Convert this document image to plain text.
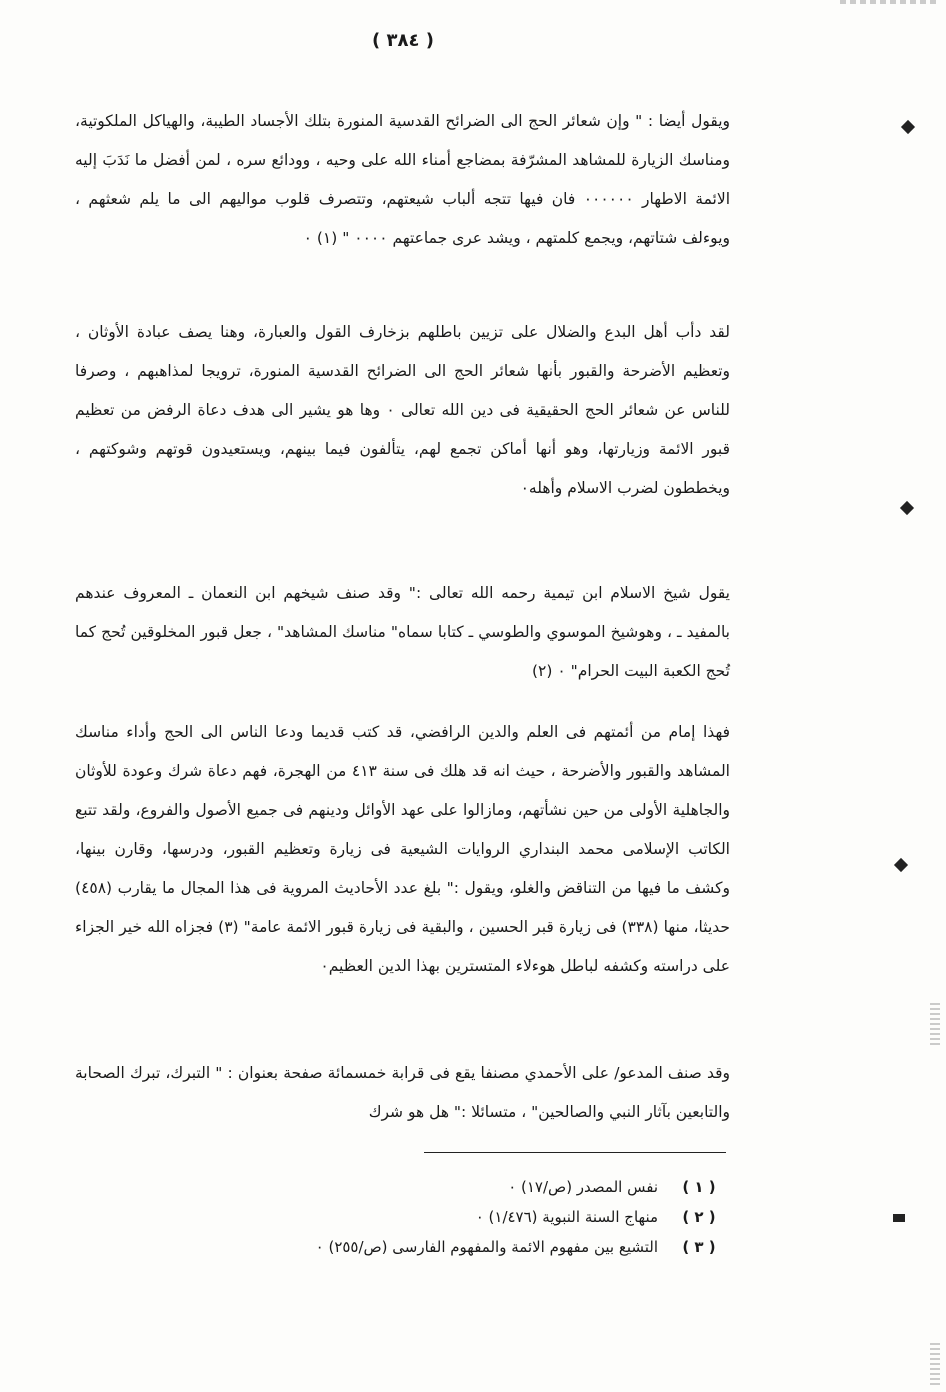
( ٣٨٤ )

ويقول أيضا : " وإن شعائر الحج الى الضرائح القدسية المنورة بتلك الأجساد الطيبة، والهياكل الملكوتية، ومناسك الزيارة للمشاهد المشرّفة بمضاجع أمناء الله على وحيه ، وودائع سره ، لمن أفضل ما نَدَبَ إليه الائمة الاطهار ٠٠٠٠٠٠ فان فيها تتجه ألباب شيعتهم، وتتصرف قلوب مواليهم الى ما يلم شعثهم ، ويوءلف شتاتهم، ويجمع كلمتهم ، ويشد عرى جماعتهم ٠٠٠٠ " (١) ٠

لقد دأب أهل البدع والضلال على تزيين باطلهم بزخارف القول والعبارة، وهنا يصف عبادة الأوثان ، وتعظيم الأضرحة والقبور بأنها شعائر الحج الى الضرائح القدسية المنورة، ترويجا لمذاهبهم ، وصرفا للناس عن شعائر الحج الحقيقية فى دين الله تعالى ٠ وها هو يشير الى هدف دعاة الرفض من تعظيم قبور الائمة وزيارتها، وهو أنها أماكن تجمع لهم، يتألفون فيما بينهم، ويستعيدون قوتهم وشوكتهم ، ويخططون لضرب الاسلام وأهله٠

يقول شيخ الاسلام ابن تيمية رحمه الله تعالى :" وقد صنف شيخهم ابن النعمان ـ المعروف عندهم بالمفيد ـ ، وهوشيخ الموسوي والطوسي ـ كتابا سماه" مناسك المشاهد" ، جعل قبور المخلوقين تُحج كما تُحج الكعبة البيت الحرام" ٠ (٢)

فهذا إمام من أئمتهم فى العلم والدين الرافضي، قد كتب قديما ودعا الناس الى الحج وأداء مناسك المشاهد والقبور والأضرحة ، حيث انه قد هلك فى سنة ٤١٣ من الهجرة، فهم دعاة شرك وعودة للأوثان والجاهلية الأولى من حين نشأتهم، ومازالوا على عهد الأوائل ودينهم فى جميع الأصول والفروع، ولقد تتبع الكاتب الإسلامى محمد البنداري الروايات الشيعية فى زيارة وتعظيم القبور، ودرسها، وقارن بينها، وكشف ما فيها من التناقض والغلو، ويقول :" بلغ عدد الأحاديث المروية فى هذا المجال ما يقارب (٤٥٨) حديثا، منها (٣٣٨) فى زيارة قبر الحسين ، والبقية فى زيارة قبور الائمة عامة" (٣) فجزاه الله خير الجزاء على دراسته وكشفه لباطل هوءلاء المتسترين بهذا الدين العظيم٠

وقد صنف المدعو/ على الأحمدي مصنفا يقع فى قرابة خمسمائة صفحة بعنوان : " التبرك، تبرك الصحابة والتابعين بآثار النبي والصالحين" ، متسائلا :" هل هو شرك

( ١ )
نفس المصدر (ص/١٧) ٠
( ٢ )
منهاج السنة النبوية (١/٤٧٦) ٠
( ٣ )
التشيع بين مفهوم الائمة والمفهوم الفارسى (ص/٢٥٥) ٠
